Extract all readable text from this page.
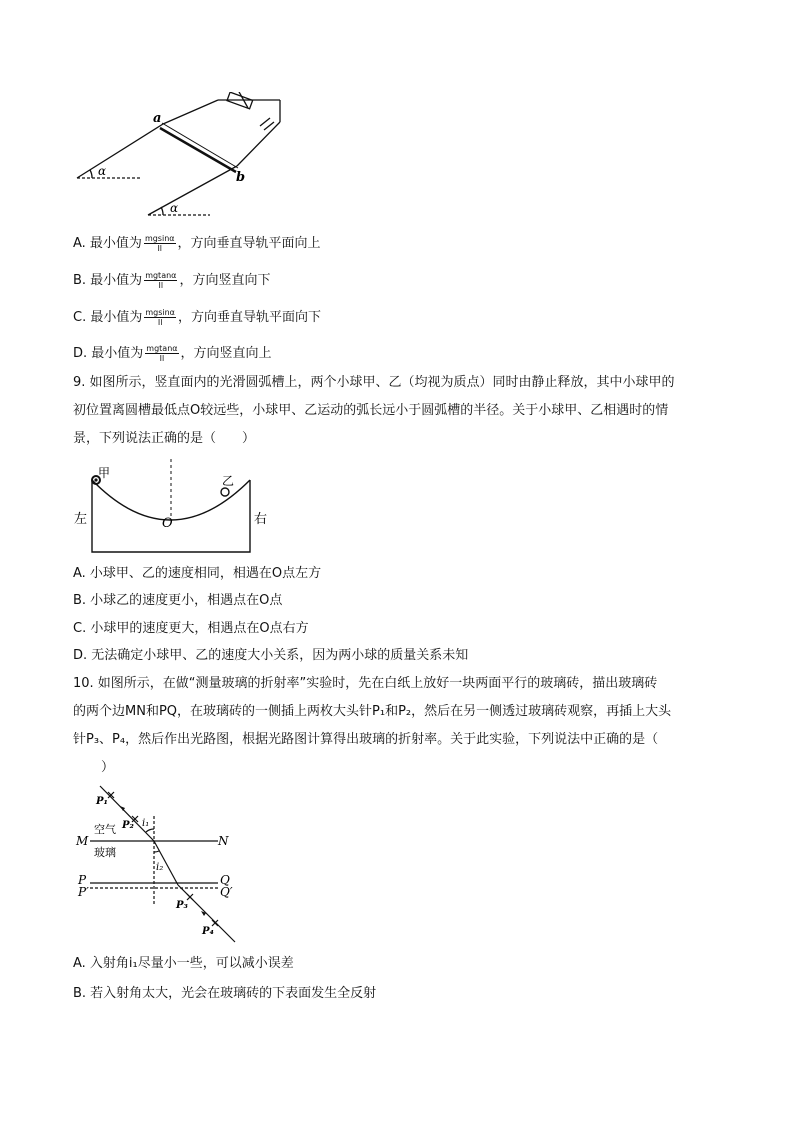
a
b
α
α
A. 最小值为 $\frac{mgsin\alpha}{Il}$ ，方向垂直导轨平面向上
B. 最小值为 $\frac{mgtan\alpha}{Il}$ ，方向竖直向下
C. 最小值为 $\frac{mgsin\alpha}{Il}$ ，方向垂直导轨平面向下
D. 最小值为 $\frac{mgtan\alpha}{Il}$ ，方向竖直向上
9. 如图所示，竖直面内的光滑圆弧槽上，两个小球甲、乙（均视为质点）同时由静止释放，其中小球甲的
初位置离圆槽最低点O较远些，小球甲、乙运动的弧长远小于圆弧槽的半径。关于小球甲、乙相遇时的情
景，下列说法正确的是（　　）
甲
乙
左	右
O
A. 小球甲、乙的速度相同，相遇在O点左方
B. 小球乙的速度更小，相遇点在O点
C. 小球甲的速度更大，相遇点在O点右方
D. 无法确定小球甲、乙的速度大小关系，因为两小球的质量关系未知
10. 如图所示，在做“测量玻璃的折射率”实验时，先在白纸上放好一块两面平行的玻璃砖，描出玻璃砖
的两个边MN和PQ，在玻璃砖的一侧插上两枚大头针P₁和P₂，然后在另一侧透过玻璃砖观察，再插上大头
针P₃、P₄，然后作出光路图，根据光路图计算得出玻璃的折射率。关于此实验，下列说法中正确的是（
　）
P₁
P₂ i₁
空气
M	N
玻璃
i₂
P
P′
Q
Q′
P₃
P₄
A. 入射角i₁尽量小一些，可以减小误差
B. 若入射角太大，光会在玻璃砖的下表面发生全反射
